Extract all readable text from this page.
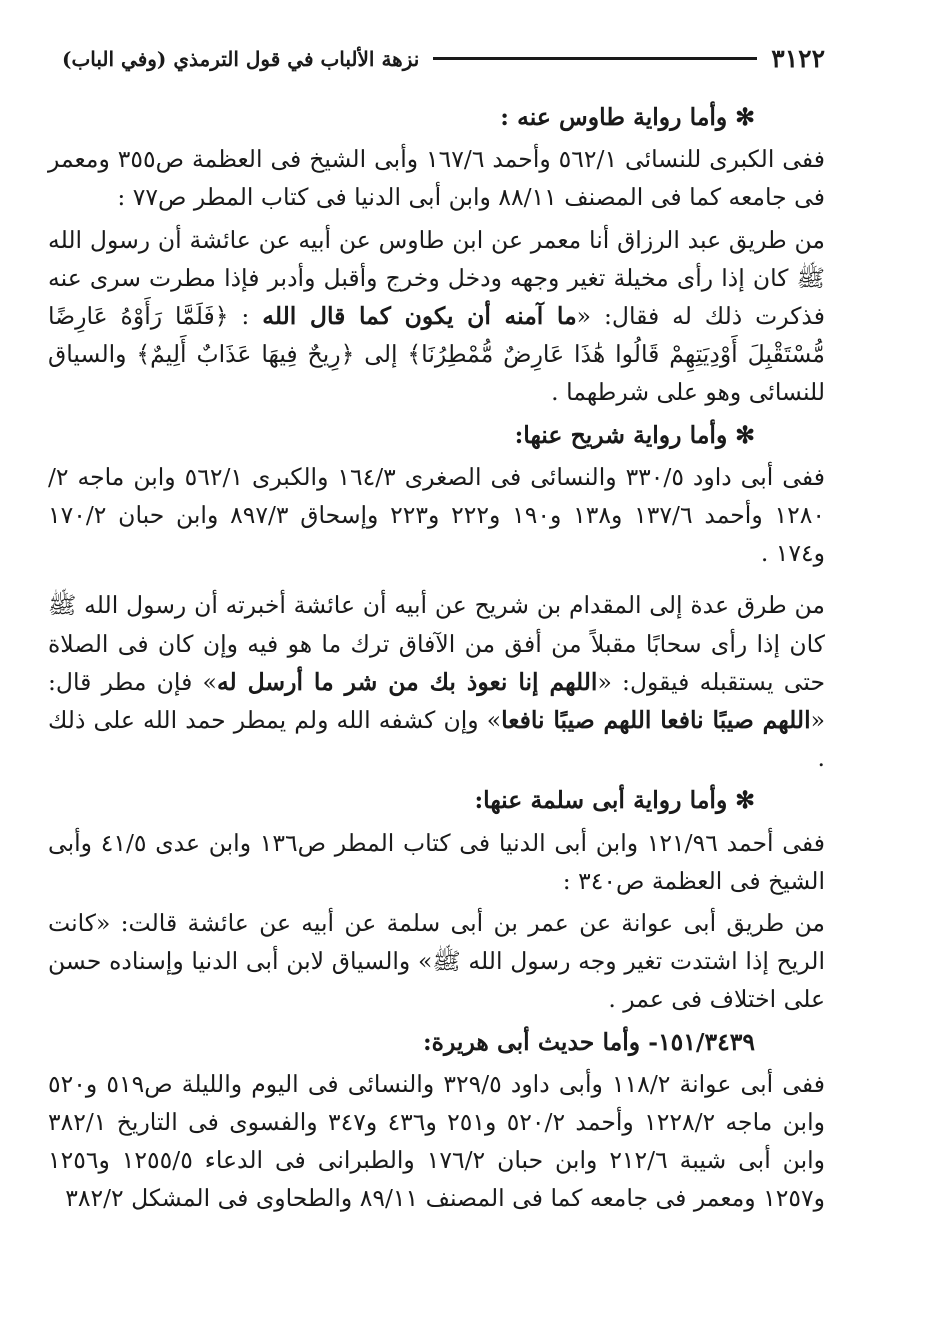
٣١٢٢
نزهة الألباب في قول الترمذي (وفي الباب)

✻وأما رواية طاوس عنه :

ففى الكبرى للنسائى ٥٦٢/١ وأحمد ١٦٧/٦ وأبى الشيخ فى العظمة ص٣٥٥ ومعمر فى جامعه كما فى المصنف ٨٨/١١ وابن أبى الدنيا فى كتاب المطر ص٧٧ :

من طريق عبد الرزاق أنا معمر عن ابن طاوس عن أبيه عن عائشة أن رسول الله ﷺ كان إذا رأى مخيلة تغير وجهه ودخل وخرج وأقبل وأدبر فإذا مطرت سرى عنه فذكرت ذلك له فقال: «ما آمنه أن يكون كما قال الله : ﴿فَلَمَّا رَأَوْهُ عَارِضًا مُّسْتَقْبِلَ أَوْدِيَتِهِمْ قَالُوا هَٰذَا عَارِضٌ مُّمْطِرُنَا﴾ إلى ﴿رِيحٌ فِيهَا عَذَابٌ أَلِيمٌ﴾ والسياق للنسائى وهو على شرطهما .

✻وأما رواية شريح عنها:

ففى أبى داود ٣٣٠/٥ والنسائى فى الصغرى ١٦٤/٣ والكبرى ٥٦٢/١ وابن ماجه ٢/ ١٢٨٠ وأحمد ١٣٧/٦ و١٣٨ و١٩٠ و٢٢٢ و٢٢٣ وإسحاق ٨٩٧/٣ وابن حبان ١٧٠/٢ و١٧٤ .

من طرق عدة إلى المقدام بن شريح عن أبيه أن عائشة أخبرته أن رسول الله ﷺ كان إذا رأى سحابًا مقبلاً من أفق من الآفاق ترك ما هو فيه وإن كان فى الصلاة حتى يستقبله فيقول: «اللهم إنا نعوذ بك من شر ما أرسل له» فإن مطر قال: «اللهم صيبًا نافعا اللهم صيبًا نافعا» وإن كشفه الله ولم يمطر حمد الله على ذلك .

✻وأما رواية أبى سلمة عنها:

ففى أحمد ١٢١/٩٦ وابن أبى الدنيا فى كتاب المطر ص١٣٦ وابن عدى ٤١/٥ وأبى الشيخ فى العظمة ص٣٤٠ :

من طريق أبى عوانة عن عمر بن أبى سلمة عن أبيه عن عائشة قالت: «كانت الريح إذا اشتدت تغير وجه رسول الله ﷺ» والسياق لابن أبى الدنيا وإسناده حسن على اختلاف فى عمر .

١٥١/٣٤٣٩- وأما حديث أبى هريرة:

ففى أبى عوانة ١١٨/٢ وأبى داود ٣٢٩/٥ والنسائى فى اليوم والليلة ص٥١٩ و٥٢٠ وابن ماجه ١٢٢٨/٢ وأحمد ٥٢٠/٢ و٢٥١ و٤٣٦ و٣٤٧ والفسوى فى التاريخ ٣٨٢/١ وابن أبى شيبة ٢١٢/٦ وابن حبان ١٧٦/٢ والطبرانى فى الدعاء ١٢٥٥/٥ و١٢٥٦ و١٢٥٧ ومعمر فى جامعه كما فى المصنف ٨٩/١١ والطحاوى فى المشكل ٣٨٢/٢
